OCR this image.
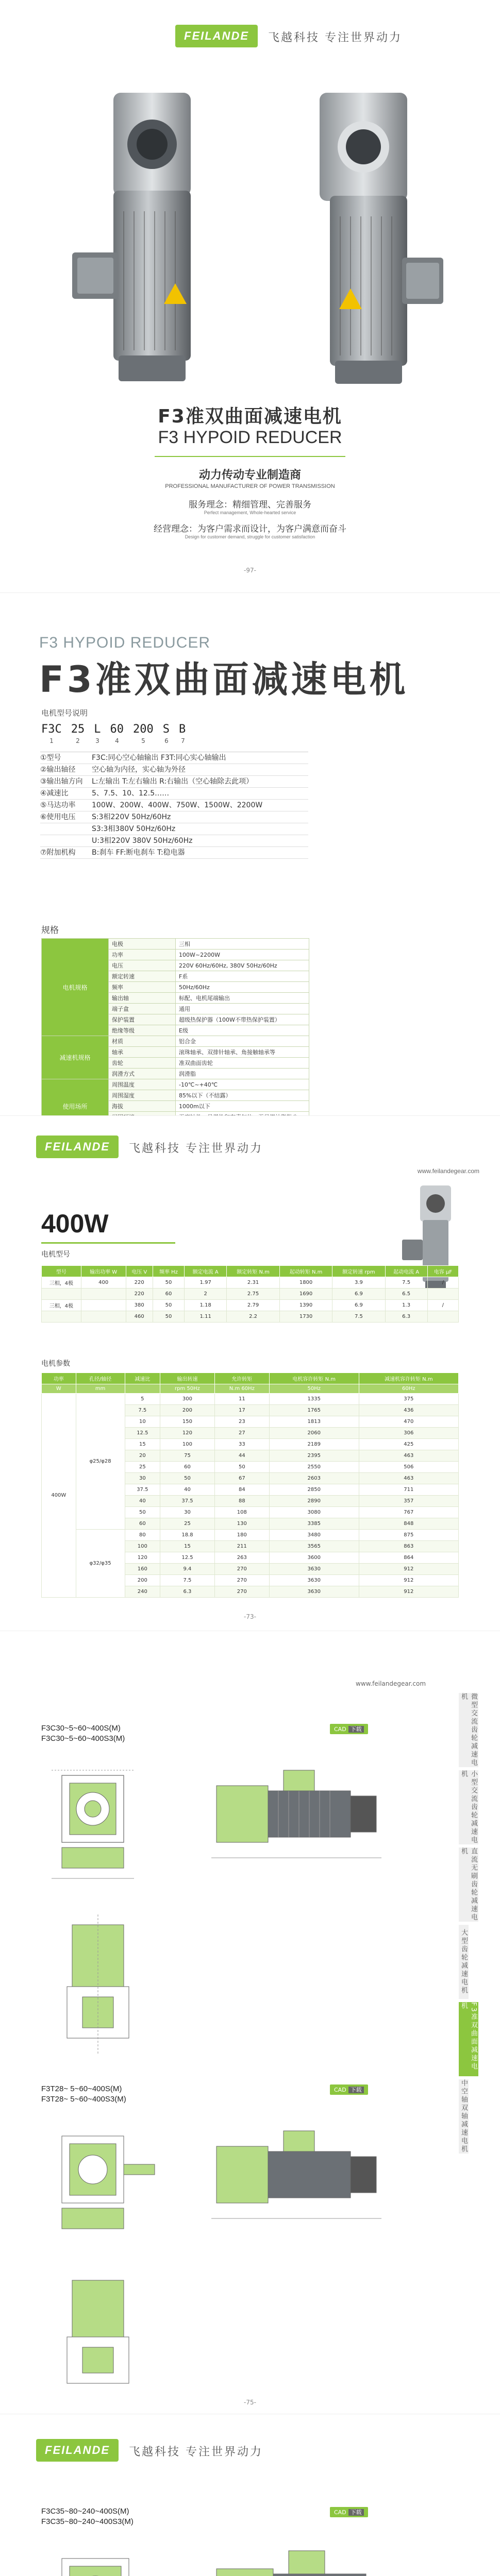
FEILANDE 飞越科技 专注世界动力
F3准双曲面减速电机
F3 HYPOID REDUCER
动力传动专业制造商
PROFESSIONAL MANUFACTURER OF POWER TRANSMISSION
服务理念：精细管理、完善服务
Perfect management, Whole-hearted service
经营理念：为客户需求而设计，为客户满意而奋斗
Design for customer demand, struggle for customer satisfaction
-97-
F3 HYPOID REDUCER
F3准双曲面减速电机
电机型号说明
F3C 25 L 60 200 S B
1	2	3	4	5	6 7
①型号	F3C:同心空心轴输出 F3T:同心实心轴输出
②输出轴径	空心轴为内径，实心轴为外径
③输出轴方向	L:左输出 T:左右输出 R:右输出（空心轴除去此项）
④减速比	5、7.5、10、12.5……
⑤马达功率	100W、200W、400W、750W、1500W、2200W
⑥使用电压	S:3相220V 50Hz/60Hz
S3:3相380V 50Hz/60Hz
U:3相220V 380V 50Hz/60Hz
⑦附加机构	B:刹车 FF:断电刹车 T:稳电器
规格
电机规格	电极	三相
	功率	100W~2200W
	电压	220V 60Hz/60Hz, 380V 50Hz/60Hz
	额定转速	F系
	频率	50Hz/60Hz
	输出轴	标配、电机尾端输出
	端子盒	通用
	保护装置	超级热保护器（100W不带热保护装置）
	绝缘等级	E级
减速机规格	材质	铝合金
	轴承	滚珠轴承、双排针轴承、角接触轴承等
	齿轮	准双曲面齿轮
	润滑方式	润滑脂
使用场所	周围温度	-10℃~+40℃
	周围湿度	85%以下（不结露）
	海拔	1000m以下

FEILANDE 飞越科技 专注世界动力
www.feilandegear.com
400W
电机型号
型号	输出功率 W	电压 V	频率 Hz	额定电流 A	额定转矩 N.m	起动转矩 N.m	额定转速 rpm	起动电流 A	电容 μF
三相，4极	400	220	50	1.97	2.31	1800	3.9	7.5	/
		220	60	2	2.75	1690	6.9	6.5	
三相，4极		380	50	1.18	2.79	1390	6.9	1.3	/
		460	50	1.11	2.2	1730	7.5	6.3	
电机参数
功率	孔径/轴径	减速比	输出转速	允许转矩	电机容许转矩 N.m	减速机容许转矩 N.m
W	mm		rpm 50Hz	N.m 60Hz	50Hz	60Hz
400W	φ25/φ28	5	300	11	1335	375
		7.5	200	17	1765	436
		10	150	23	1813	470
		12.5	120	27	2060	306
		15	100	33	2189	425
		20	75	44	2395	463
		25	60	50	2550	506
		30	50	67	2603	463
		37.5	40	84	2850	711
		40	37.5	88	2890	357
		50	30	108	3080	767
		60	25	130	3385	848
	φ32/φ35	80	18.8	180	3480	875
		100	15	211	3565	863
		120	12.5	263	3600	864
		160	9.4	270	3630	912
		200	7.5	270	3630	912
		240	6.3	270	3630	912
-73-
微型交流齿轮减速电机
小型交流齿轮减速电机
直流无刷齿轮减速电机
大型齿轮减速电机
F3准双曲面减速电机
中空轴双轴减速电机
www.feilandegear.com
F3C30~5~60~400S(M)
F3C30~5~60~400S3(M)
CAD 下载
F3T28~ 5~60~400S(M)
F3T28~ 5~60~400S3(M)
CAD 下载
-75-
FEILANDE 飞越科技 专注世界动力
F3C35~80~240~400S(M)
F3C35~80~240~400S3(M)
CAD 下载
